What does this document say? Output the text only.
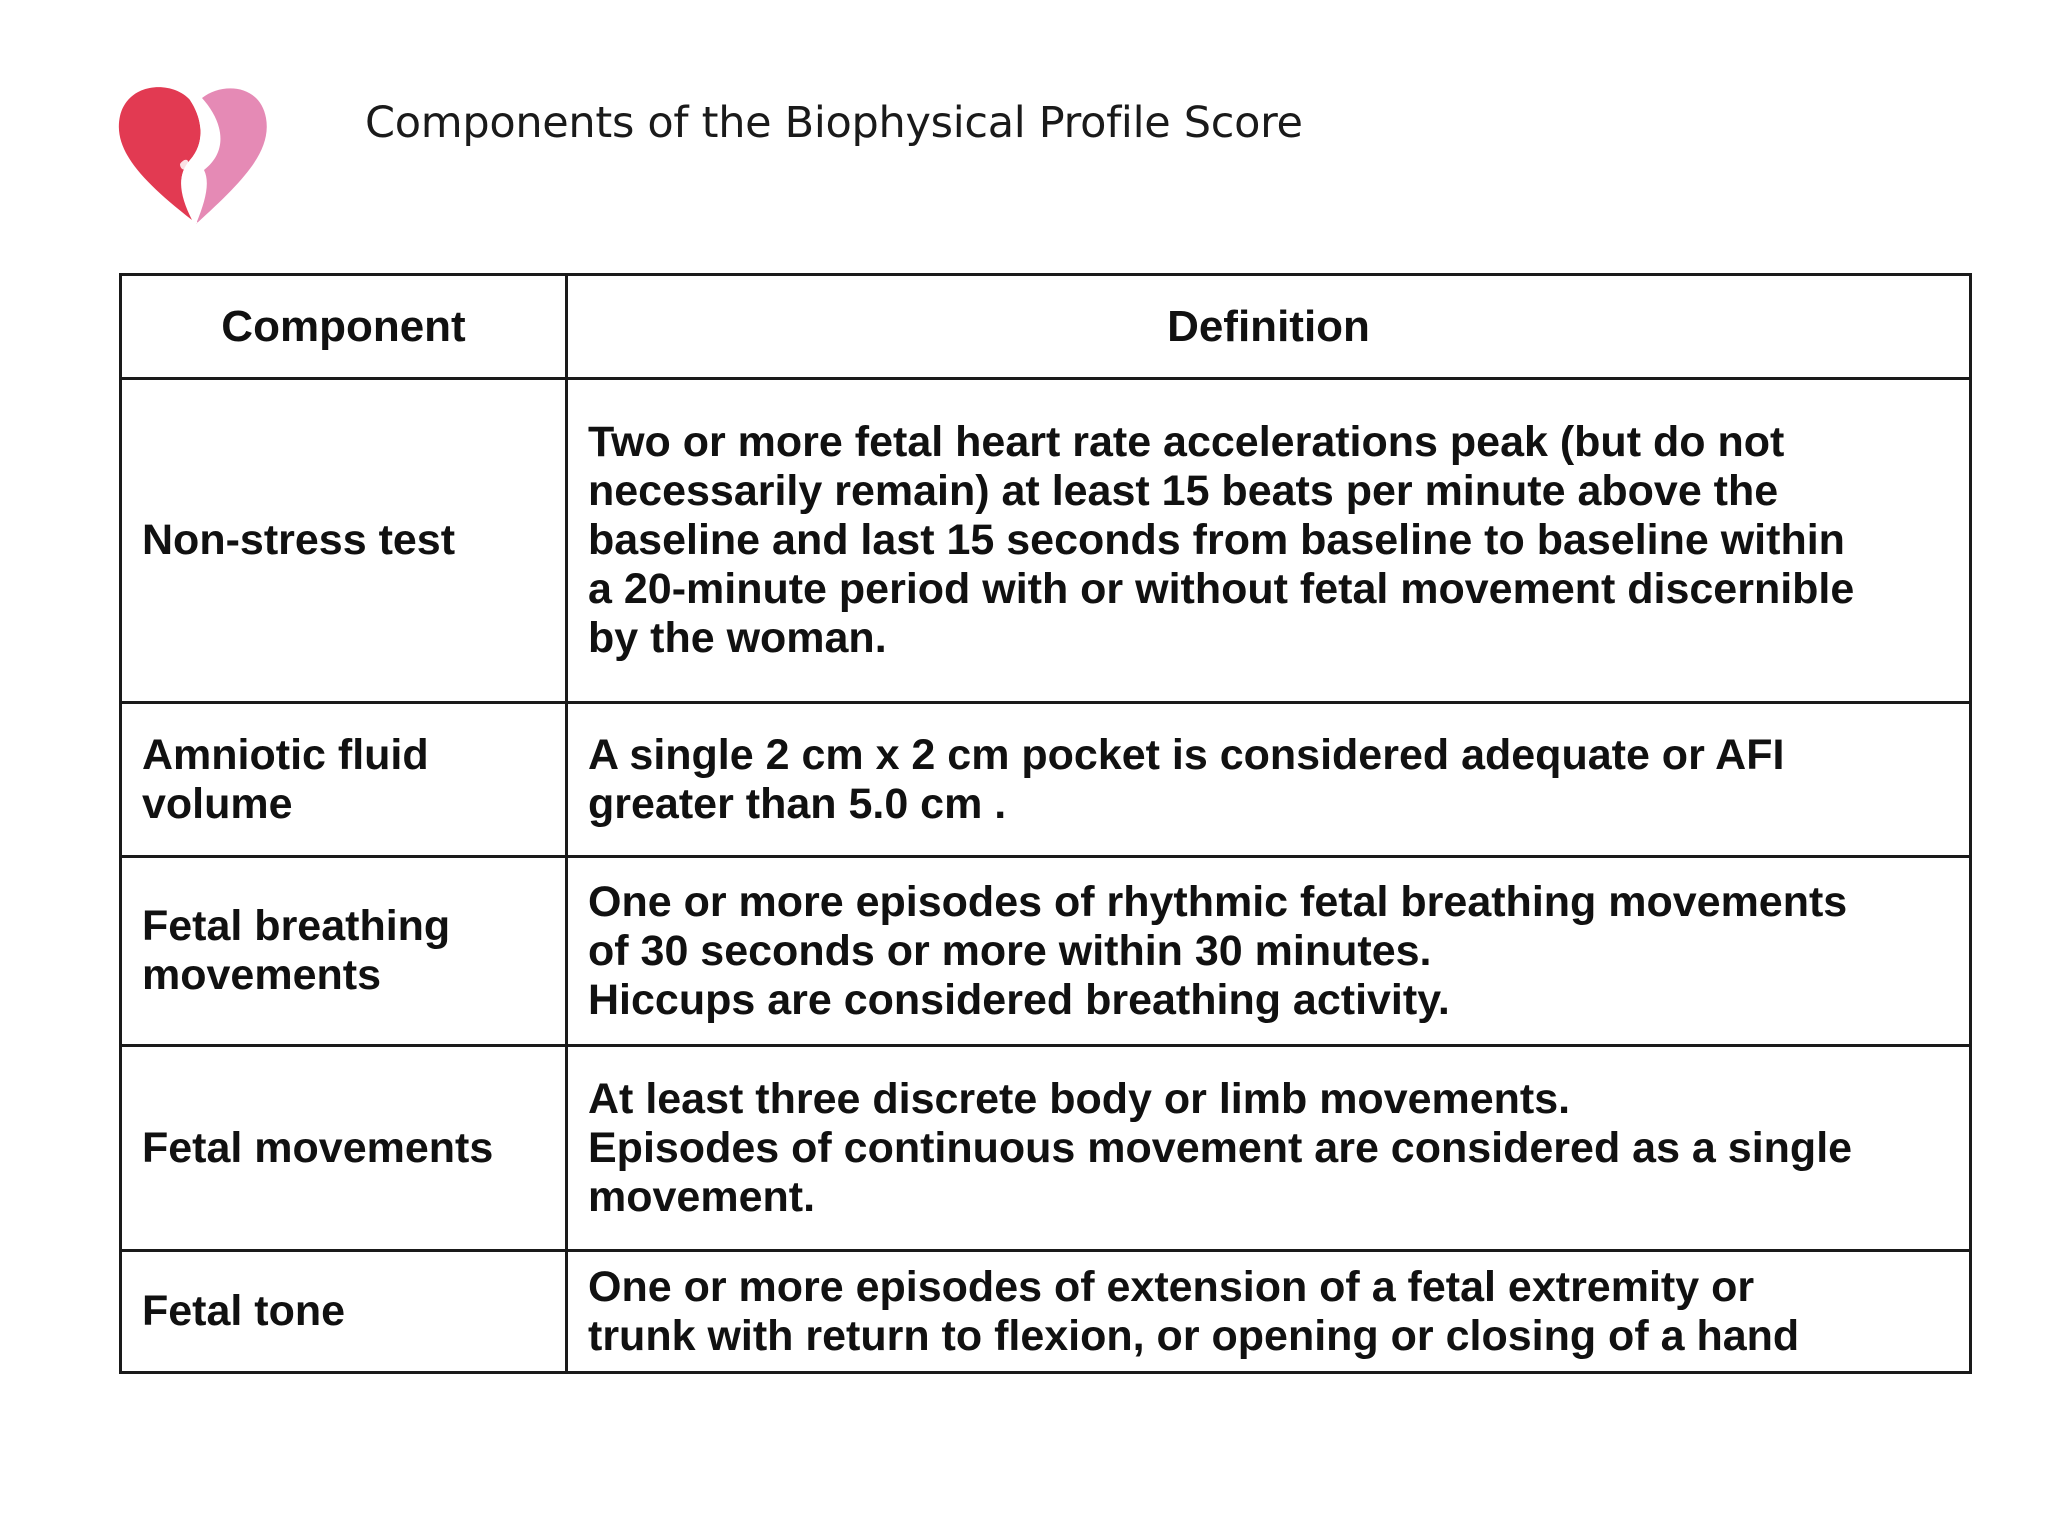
Components of the Biophysical Profile Score
Component	Definition
Non-stress test	Two or more fetal heart rate accelerations peak (but do not
necessarily remain) at least 15 beats per minute above the
baseline and last 15 seconds from baseline to baseline within
a 20-minute period with or without fetal movement discernible
by the woman.
Amniotic fluid
volume	A single 2 cm x 2 cm pocket is considered adequate or AFI
greater than 5.0 cm .
Fetal breathing
movements	One or more episodes of rhythmic fetal breathing movements
of 30 seconds or more within 30 minutes.
Hiccups are considered breathing activity.
Fetal movements	At least three discrete body or limb movements.
Episodes of continuous movement are considered as a single
movement.
Fetal tone	One or more episodes of extension of a fetal extremity or
trunk with return to flexion, or opening or closing of a hand
